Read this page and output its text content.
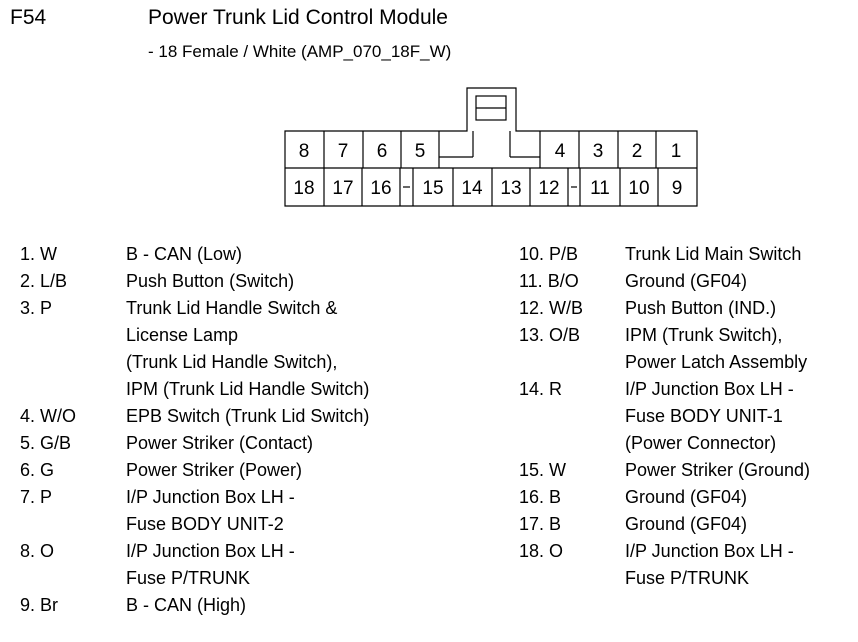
F54	Power Trunk Lid Control Module
- 18 Female / White (AMP_070_18F_W)
8 7 6 5	4 3 2 1
18 17 16 15 14 13 12 11 10 9
1. W	B - CAN (Low)
2. L/B	Push Button (Switch)
3. P	Trunk Lid Handle Switch &
License Lamp
(Trunk Lid Handle Switch),
IPM (Trunk Lid Handle Switch)
4. W/O	EPB Switch (Trunk Lid Switch)
5. G/B	Power Striker (Contact)
6. G	Power Striker (Power)
7. P	I/P Junction Box LH -
Fuse BODY UNIT-2
8. O	I/P Junction Box LH -
Fuse P/TRUNK
9. Br	B - CAN (High)
10. P/B	Trunk Lid Main Switch
11. B/O	Ground (GF04)
12. W/B Push Button (IND.)
13. O/B IPM (Trunk Switch),
Power Latch Assembly
14. R	I/P Junction Box LH -
Fuse BODY UNIT-1
(Power Connector)
15. W	Power Striker (Ground)
16. B	Ground (GF04)
17. B	Ground (GF04)
18. O	I/P Junction Box LH -
Fuse P/TRUNK
